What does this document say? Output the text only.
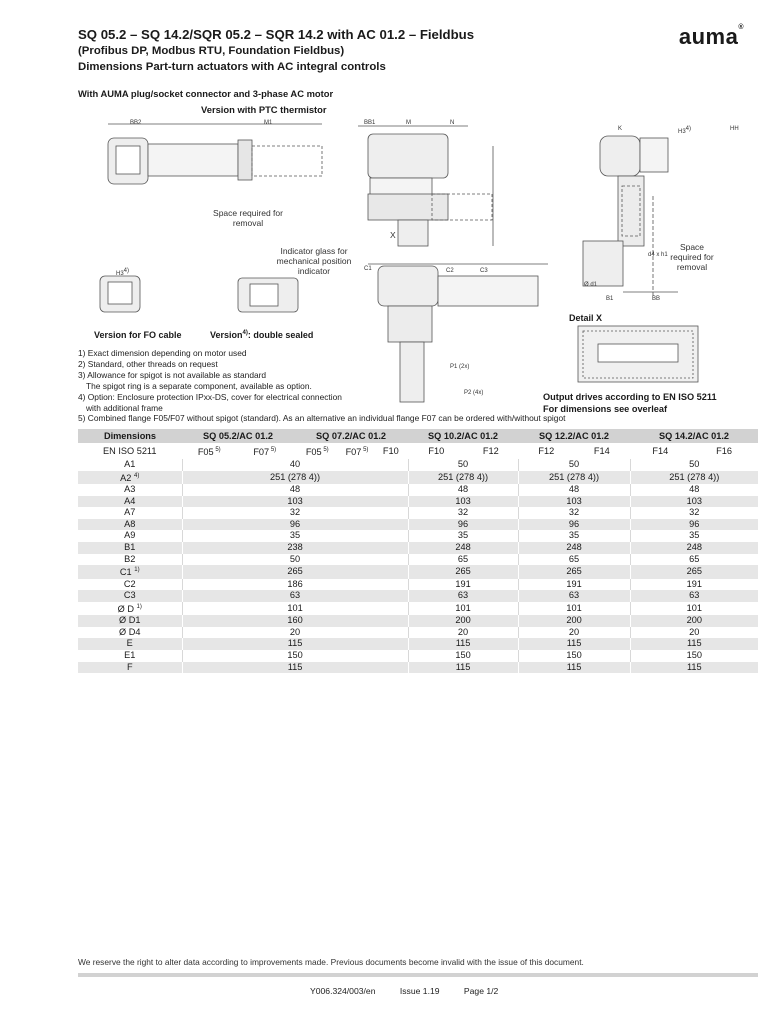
SQ 05.2 – SQ 14.2/SQR 05.2 – SQR 14.2 with AC 01.2 – Fieldbus

(Profibus DP, Modbus RTU, Foundation Fieldbus)

Dimensions Part-turn actuators with AC integral controls

auma®
With AUMA plug/socket connector and 3-phase AC motor
Version with PTC thermistor
Space required for removal
Indicator glass for mechanical position indicator
Space required for removal
Version for FO cable	Version$^{4)}$: double sealed
Detail X
X
BB2	M1	BB1	M	N
K	H34)	HH
H34)	C1	C2	C3
P1 (2x)
P2 (4x)
B1	BB
d4 x h1
Ø d1
1) Exact dimension depending on motor used
2) Standard, other threads on request
3) Allowance for spigot is not available as standard
The spigot ring is a separate component, available as option.
4) Option: Enclosure protection IPxx-DS, cover for electrical connection
with additional frame
5) Combined flange F05/F07 without spigot (standard). As an alternative an individual flange F07 can be ordered with/without spigot
Output drives according to EN ISO 5211
For dimensions see overleaf
Dimensions	SQ 05.2/AC 01.2		SQ 07.2/AC 01.2			SQ 10.2/AC 01.2		SQ 12.2/AC 01.2		SQ 14.2/AC 01.2	
EN ISO 5211	F05 $^{5)}$	F07 $^{5)}$	F05 $^{5)}$	F07 $^{5)}$	F10	F10	F12	F12	F14	F14	F16
A1	40					50		50		50	
A2 $^{4)}$	251 (278 4))					251 (278 4))		251 (278 4))		251 (278 4))	
A3	48					48		48		48	
A4	103					103		103		103	
A7	32					32		32		32	
A8	96					96		96		96	
A9	35					35		35		35	
B1	238					248		248		248	
B2	50					65		65		65	
C1 $^{1)}$	265					265		265		265	
C2	186					191		191		191	
C3	63					63		63		63	
Ø D $^{1)}$	101					101		101		101	
Ø D1	160					200		200		200	
Ø D4	20					20		20		20	
E	115					115		115		115	
E1	150					150		150		150	
F	115					115		115		115	
We reserve the right to alter data according to improvements made. Previous documents become invalid with the issue of this document.
Y006.324/003/en	Issue 1.19	Page 1/2
